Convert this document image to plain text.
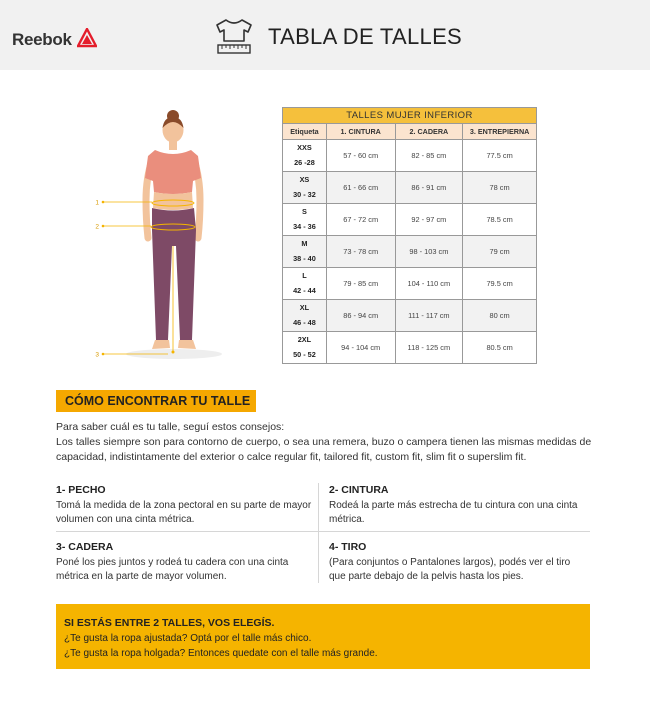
Reebok	TABLA DE TALLES
1
2
3
TALLES MUJER INFERIOR			
Etiqueta	1. CINTURA	2. CADERA	3. ENTREPIERNA

XXS
26 -28	57 - 60 cm	82 - 85 cm	77.5 cm

XS
30 - 32	61 - 66 cm	86 - 91 cm	78 cm

S
34 - 36	67 - 72 cm	92 - 97 cm	78.5 cm

M
38 - 40	73 - 78 cm	98 - 103 cm	79 cm

L
42 - 44	79 - 85 cm	104 - 110 cm	79.5 cm

XL
46 - 48	86 - 94 cm	111 - 117 cm	80 cm

2XL
50 - 52	94 - 104 cm	118 - 125 cm	80.5 cm
CÓMO ENCONTRAR TU TALLE
Para saber cuál es tu talle, seguí estos consejos:
Los talles siempre son para contorno de cuerpo, o sea una remera, buzo o campera tienen las mismas medidas de capacidad, indistintamente del exterior o calce regular fit, tailored fit, custom fit, slim fit o superslim fit.
1- PECHO
Tomá la medida de la zona pectoral en su parte de mayor volumen con una cinta métrica.
2- CINTURA
Rodeá la parte más estrecha de tu cintura con una cinta métrica.
3- CADERA
Poné los pies juntos y rodeá tu cadera con una cinta métrica en la parte de mayor volumen.
4- TIRO
(Para conjuntos o Pantalones largos), podés ver el tiro que parte debajo de la pelvis hasta los pies.
SI ESTÁS ENTRE 2 TALLES, VOS ELEGÍS.
¿Te gusta la ropa ajustada? Optá por el talle más chico.
¿Te gusta la ropa holgada? Entonces quedate con el talle más grande.
